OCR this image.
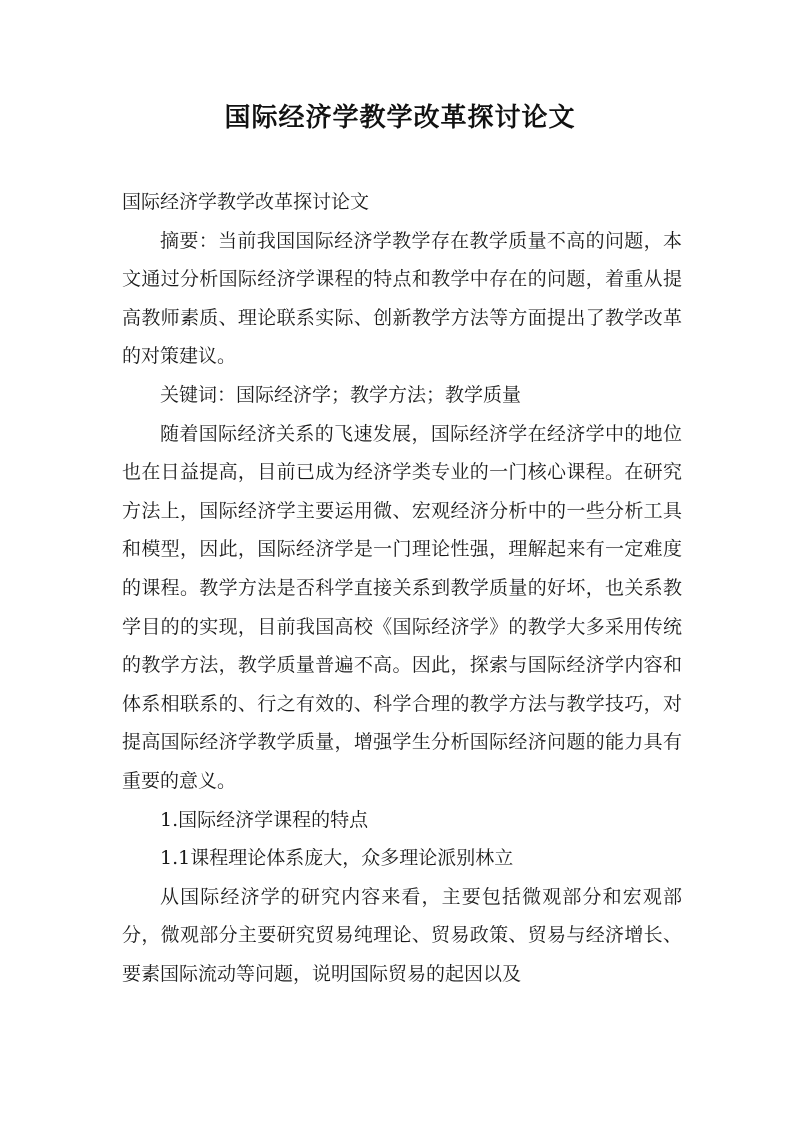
国际经济学教学改革探讨论文

国际经济学教学改革探讨论文

摘要：当前我国国际经济学教学存在教学质量不高的问题，本文通过分析国际经济学课程的特点和教学中存在的问题，着重从提高教师素质、理论联系实际、创新教学方法等方面提出了教学改革的对策建议。

关键词：国际经济学；教学方法；教学质量

随着国际经济关系的飞速发展，国际经济学在经济学中的地位也在日益提高，目前已成为经济学类专业的一门核心课程。在研究方法上，国际经济学主要运用微、宏观经济分析中的一些分析工具和模型，因此，国际经济学是一门理论性强，理解起来有一定难度的课程。教学方法是否科学直接关系到教学质量的好坏，也关系教学目的的实现，目前我国高校《国际经济学》的教学大多采用传统的教学方法，教学质量普遍不高。因此，探索与国际经济学内容和体系相联系的、行之有效的、科学合理的教学方法与教学技巧，对提高国际经济学教学质量，增强学生分析国际经济问题的能力具有重要的意义。

1.国际经济学课程的特点

1.1课程理论体系庞大，众多理论派别林立

从国际经济学的研究内容来看，主要包括微观部分和宏观部分，微观部分主要研究贸易纯理论、贸易政策、贸易与经济增长、要素国际流动等问题，说明国际贸易的起因以及
